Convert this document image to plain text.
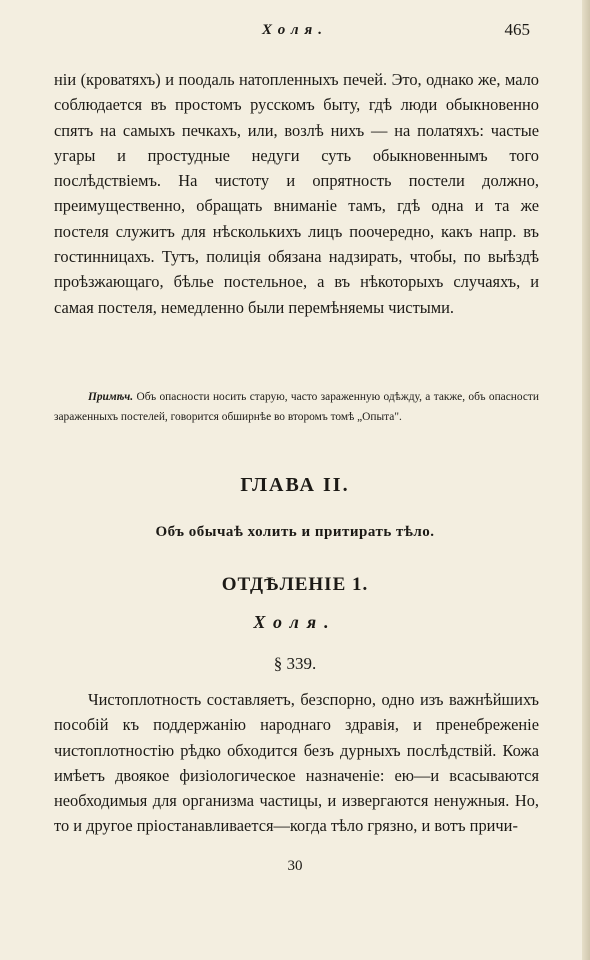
Холя.	465

ніи (кроватяхъ) и поодаль натопленныхъ печей. Это, однако же, мало соблюдается въ простомъ русскомъ быту, гдѣ люди обыкновенно спятъ на самыхъ печкахъ, или, возлѣ нихъ — на полатяхъ: частые угары и простудные недуги суть обыкновеннымъ того послѣдствіемъ. На чистоту и опрятность постели должно, преимущественно, обращать вниманіе тамъ, гдѣ одна и та же постеля служитъ для нѣсколькихъ лицъ поочередно, какъ напр. въ гостинницахъ. Тутъ, полиція обязана надзирать, чтобы, по выѣздѣ проѣзжающаго, бѣлье постельное, а въ нѣкоторыхъ случаяхъ, и самая постеля, немедленно были перемѣняемы чистыми.

Примѣч. Объ опасности носить старую, часто зараженную одѣжду, а также, объ опасности зараженныхъ постелей, говорится обширнѣе во второмъ томѣ „Опыта".
ГЛАВА II.
Объ обычаѣ холить и притирать тѣло.
ОТДѢЛЕНІЕ 1.
Холя.
§ 339.

Чистоплотность составляетъ, безспорно, одно изъ важнѣйшихъ пособій къ поддержанію народнаго здравія, и пренебреженіе чистоплотностію рѣдко обходится безъ дурныхъ послѣдствій. Кожа имѣетъ двоякое физіологическое назначеніе: ею—и всасываются необходимыя для организма частицы, и извергаются ненужныя. Но, то и другое пріостанавливается—когда тѣло грязно, и вотъ причи-

30
